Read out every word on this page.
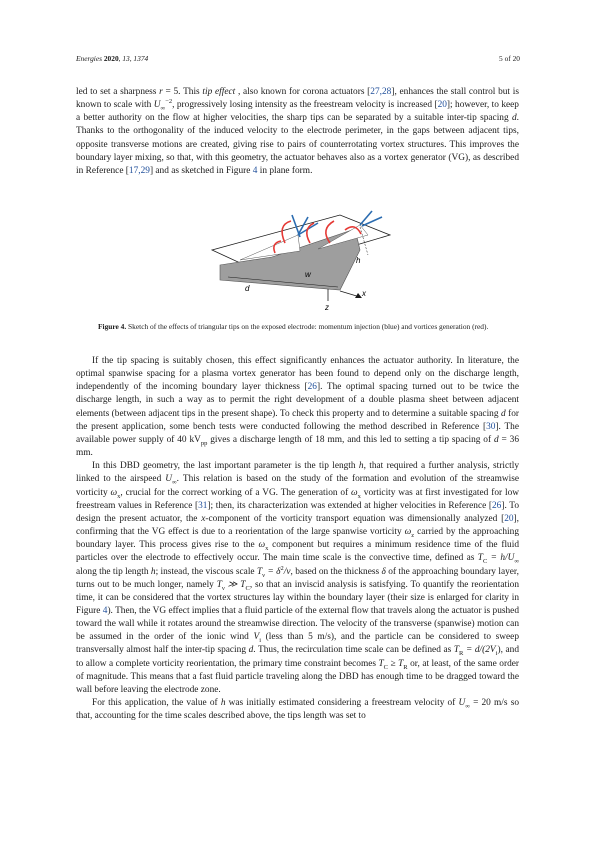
Energies 2020, 13, 1374	5 of 20

led to set a sharpness r = 5. This tip effect , also known for corona actuators [27,28], enhances the stall control but is known to scale with $U_\infty^{-2}$, progressively losing intensity as the freestream velocity is increased [20]; however, to keep a better authority on the flow at higher velocities, the sharp tips can be separated by a suitable inter-tip spacing d. Thanks to the orthogonality of the induced velocity to the electrode perimeter, in the gaps between adjacent tips, opposite transverse motions are created, giving rise to pairs of counterrotating vortex structures. This improves the boundary layer mixing, so that, with this geometry, the actuator behaves also as a vortex generator (VG), as described in Reference [17,29] and as sketched in Figure 4 in plane form.

d
w
h
x
z
Figure 4. Sketch of the effects of triangular tips on the exposed electrode: momentum injection (blue) and vortices generation (red).

If the tip spacing is suitably chosen, this effect significantly enhances the actuator authority. In literature, the optimal spanwise spacing for a plasma vortex generator has been found to depend only on the discharge length, independently of the incoming boundary layer thickness [26]. The optimal spacing turned out to be twice the discharge length, in such a way as to permit the right development of a double plasma sheet between adjacent elements (between adjacent tips in the present shape). To check this property and to determine a suitable spacing d for the present application, some bench tests were conducted following the method described in Reference [30]. The available power supply of 40 $kV_{pp}$ gives a discharge length of 18 mm, and this led to setting a tip spacing of d = 36 mm.

In this DBD geometry, the last important parameter is the tip length h, that required a further analysis, strictly linked to the airspeed $U_\infty$. This relation is based on the study of the formation and evolution of the streamwise vorticity $\omega_x$, crucial for the correct working of a VG. The generation of $\omega_x$ vorticity was at first investigated for low freestream values in Reference [31]; then, its characterization was extended at higher velocities in Reference [26]. To design the present actuator, the x-component of the vorticity transport equation was dimensionally analyzed [20], confirming that the VG effect is due to a reorientation of the large spanwise vorticity $\omega_z$ carried by the approaching boundary layer. This process gives rise to the $\omega_x$ component but requires a minimum residence time of the fluid particles over the electrode to effectively occur. The main time scale is the convective time, defined as $T_C = h/U_\infty$ along the tip length h; instead, the viscous scale $T_\nu = \delta^2/\nu$, based on the thickness δ of the approaching boundary layer, turns out to be much longer, namely $T_\nu$ ≫ $T_C$, so that an inviscid analysis is satisfying. To quantify the reorientation time, it can be considered that the vortex structures lay within the boundary layer (their size is enlarged for clarity in Figure 4). Then, the VG effect implies that a fluid particle of the external flow that travels along the actuator is pushed toward the wall while it rotates around the streamwise direction. The velocity of the transverse (spanwise) motion can be assumed in the order of the ionic wind $V_i$ (less than 5 m/s), and the particle can be considered to sweep transversally almost half the inter-tip spacing d. Thus, the recirculation time scale can be defined as $T_R = d/(2V_i)$, and to allow a complete vorticity reorientation, the primary time constraint becomes $T_C \ge T_R$ or, at least, of the same order of magnitude. This means that a fast fluid particle traveling along the DBD has enough time to be dragged toward the wall before leaving the electrode zone.

For this application, the value of h was initially estimated considering a freestream velocity of $U_\infty = 20$ m/s so that, accounting for the time scales described above, the tips length was set to
